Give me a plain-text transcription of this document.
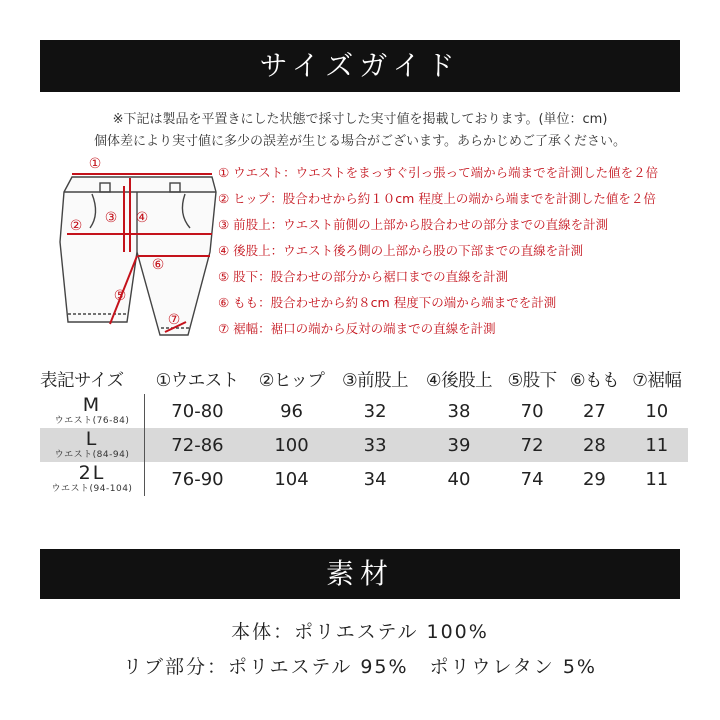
サイズガイド
※下記は製品を平置きにした状態で採寸した実寸値を掲載しております。(単位：cm)
個体差により実寸値に多少の誤差が生じる場合がございます。あらかじめご了承ください。
①
② ③ ④
⑤
⑥
⑦
① ウエスト：ウエストをまっすぐ引っ張って端から端までを計測した値を２倍
② ヒップ：股合わせから約１０cm 程度上の端から端までを計測した値を２倍
③ 前股上：ウエスト前側の上部から股合わせの部分までの直線を計測
④ 後股上：ウエスト後ろ側の上部から股の下部までの直線を計測
⑤ 股下：股合わせの部分から裾口までの直線を計測
⑥ もも：股合わせから約８cm 程度下の端から端までを計測
⑦ 裾幅：裾口の端から反対の端までの直線を計測
表記サイズ	①ウエスト	②ヒップ	③前股上	④後股上	⑤股下	⑥もも	⑦裾幅

M
ウエスト(76-84)	70-80	96	32	38	70	27	10

L
ウエスト(84-94)	72-86	100	33	39	72	28	11

2L
ウエスト(94-104)	76-90	104	34	40	74	29	11
素材
本体：ポリエステル 100%
リブ部分：ポリエステル 95%　ポリウレタン 5%
